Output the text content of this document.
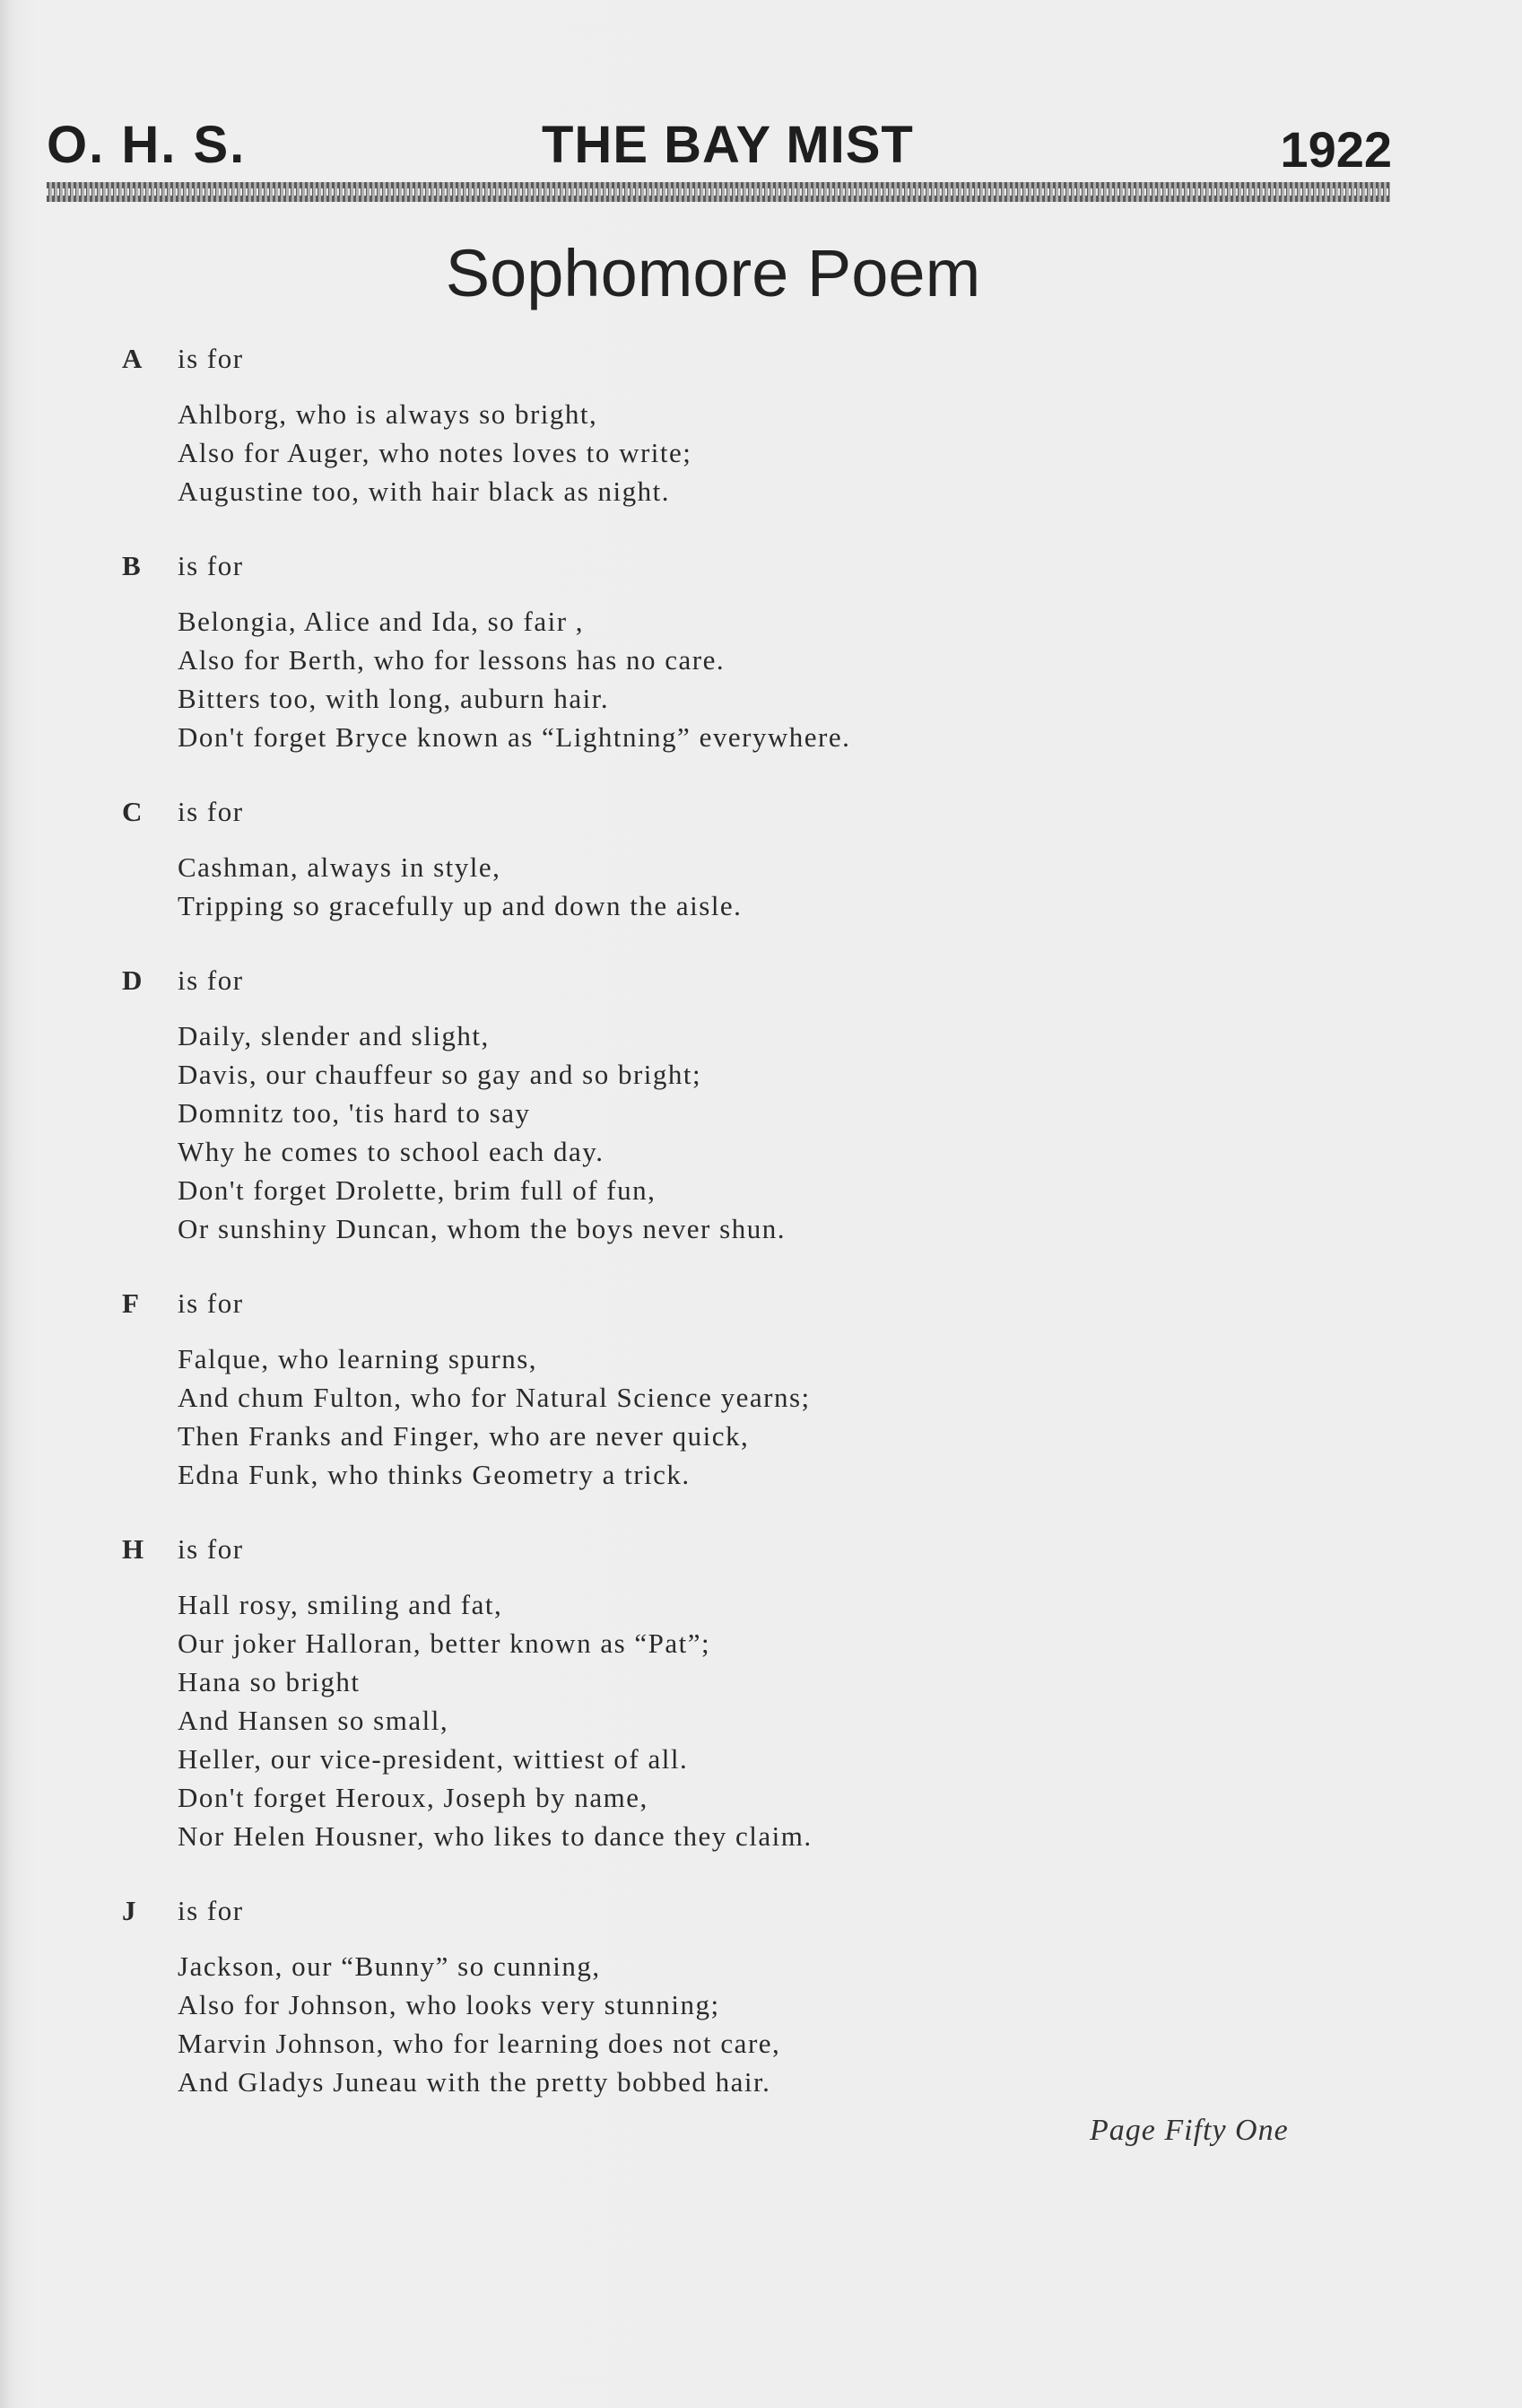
O. H. S.	THE BAY MIST	1922
Sophomore Poem
A is for
Ahlborg, who is always so bright,
Also for Auger, who notes loves to write;
Augustine too, with hair black as night.
B is for
Belongia, Alice and Ida, so fair ,
Also for Berth, who for lessons has no care.
Bitters too, with long, auburn hair.
Don't forget Bryce known as “Lightning” everywhere.
C is for
Cashman, always in style,
Tripping so gracefully up and down the aisle.
D is for
Daily, slender and slight,
Davis, our chauffeur so gay and so bright;
Domnitz too, 'tis hard to say
Why he comes to school each day.
Don't forget Drolette, brim full of fun,
Or sunshiny Duncan, whom the boys never shun.
F is for
Falque, who learning spurns,
And chum Fulton, who for Natural Science yearns;
Then Franks and Finger, who are never quick,
Edna Funk, who thinks Geometry a trick.
H is for
Hall rosy, smiling and fat,
Our joker Halloran, better known as “Pat”;
Hana so bright
And Hansen so small,
Heller, our vice-president, wittiest of all.
Don't forget Heroux, Joseph by name,
Nor Helen Housner, who likes to dance they claim.
J is for
Jackson, our “Bunny” so cunning,
Also for Johnson, who looks very stunning;
Marvin Johnson, who for learning does not care,
And Gladys Juneau with the pretty bobbed hair.
Page Fifty One
